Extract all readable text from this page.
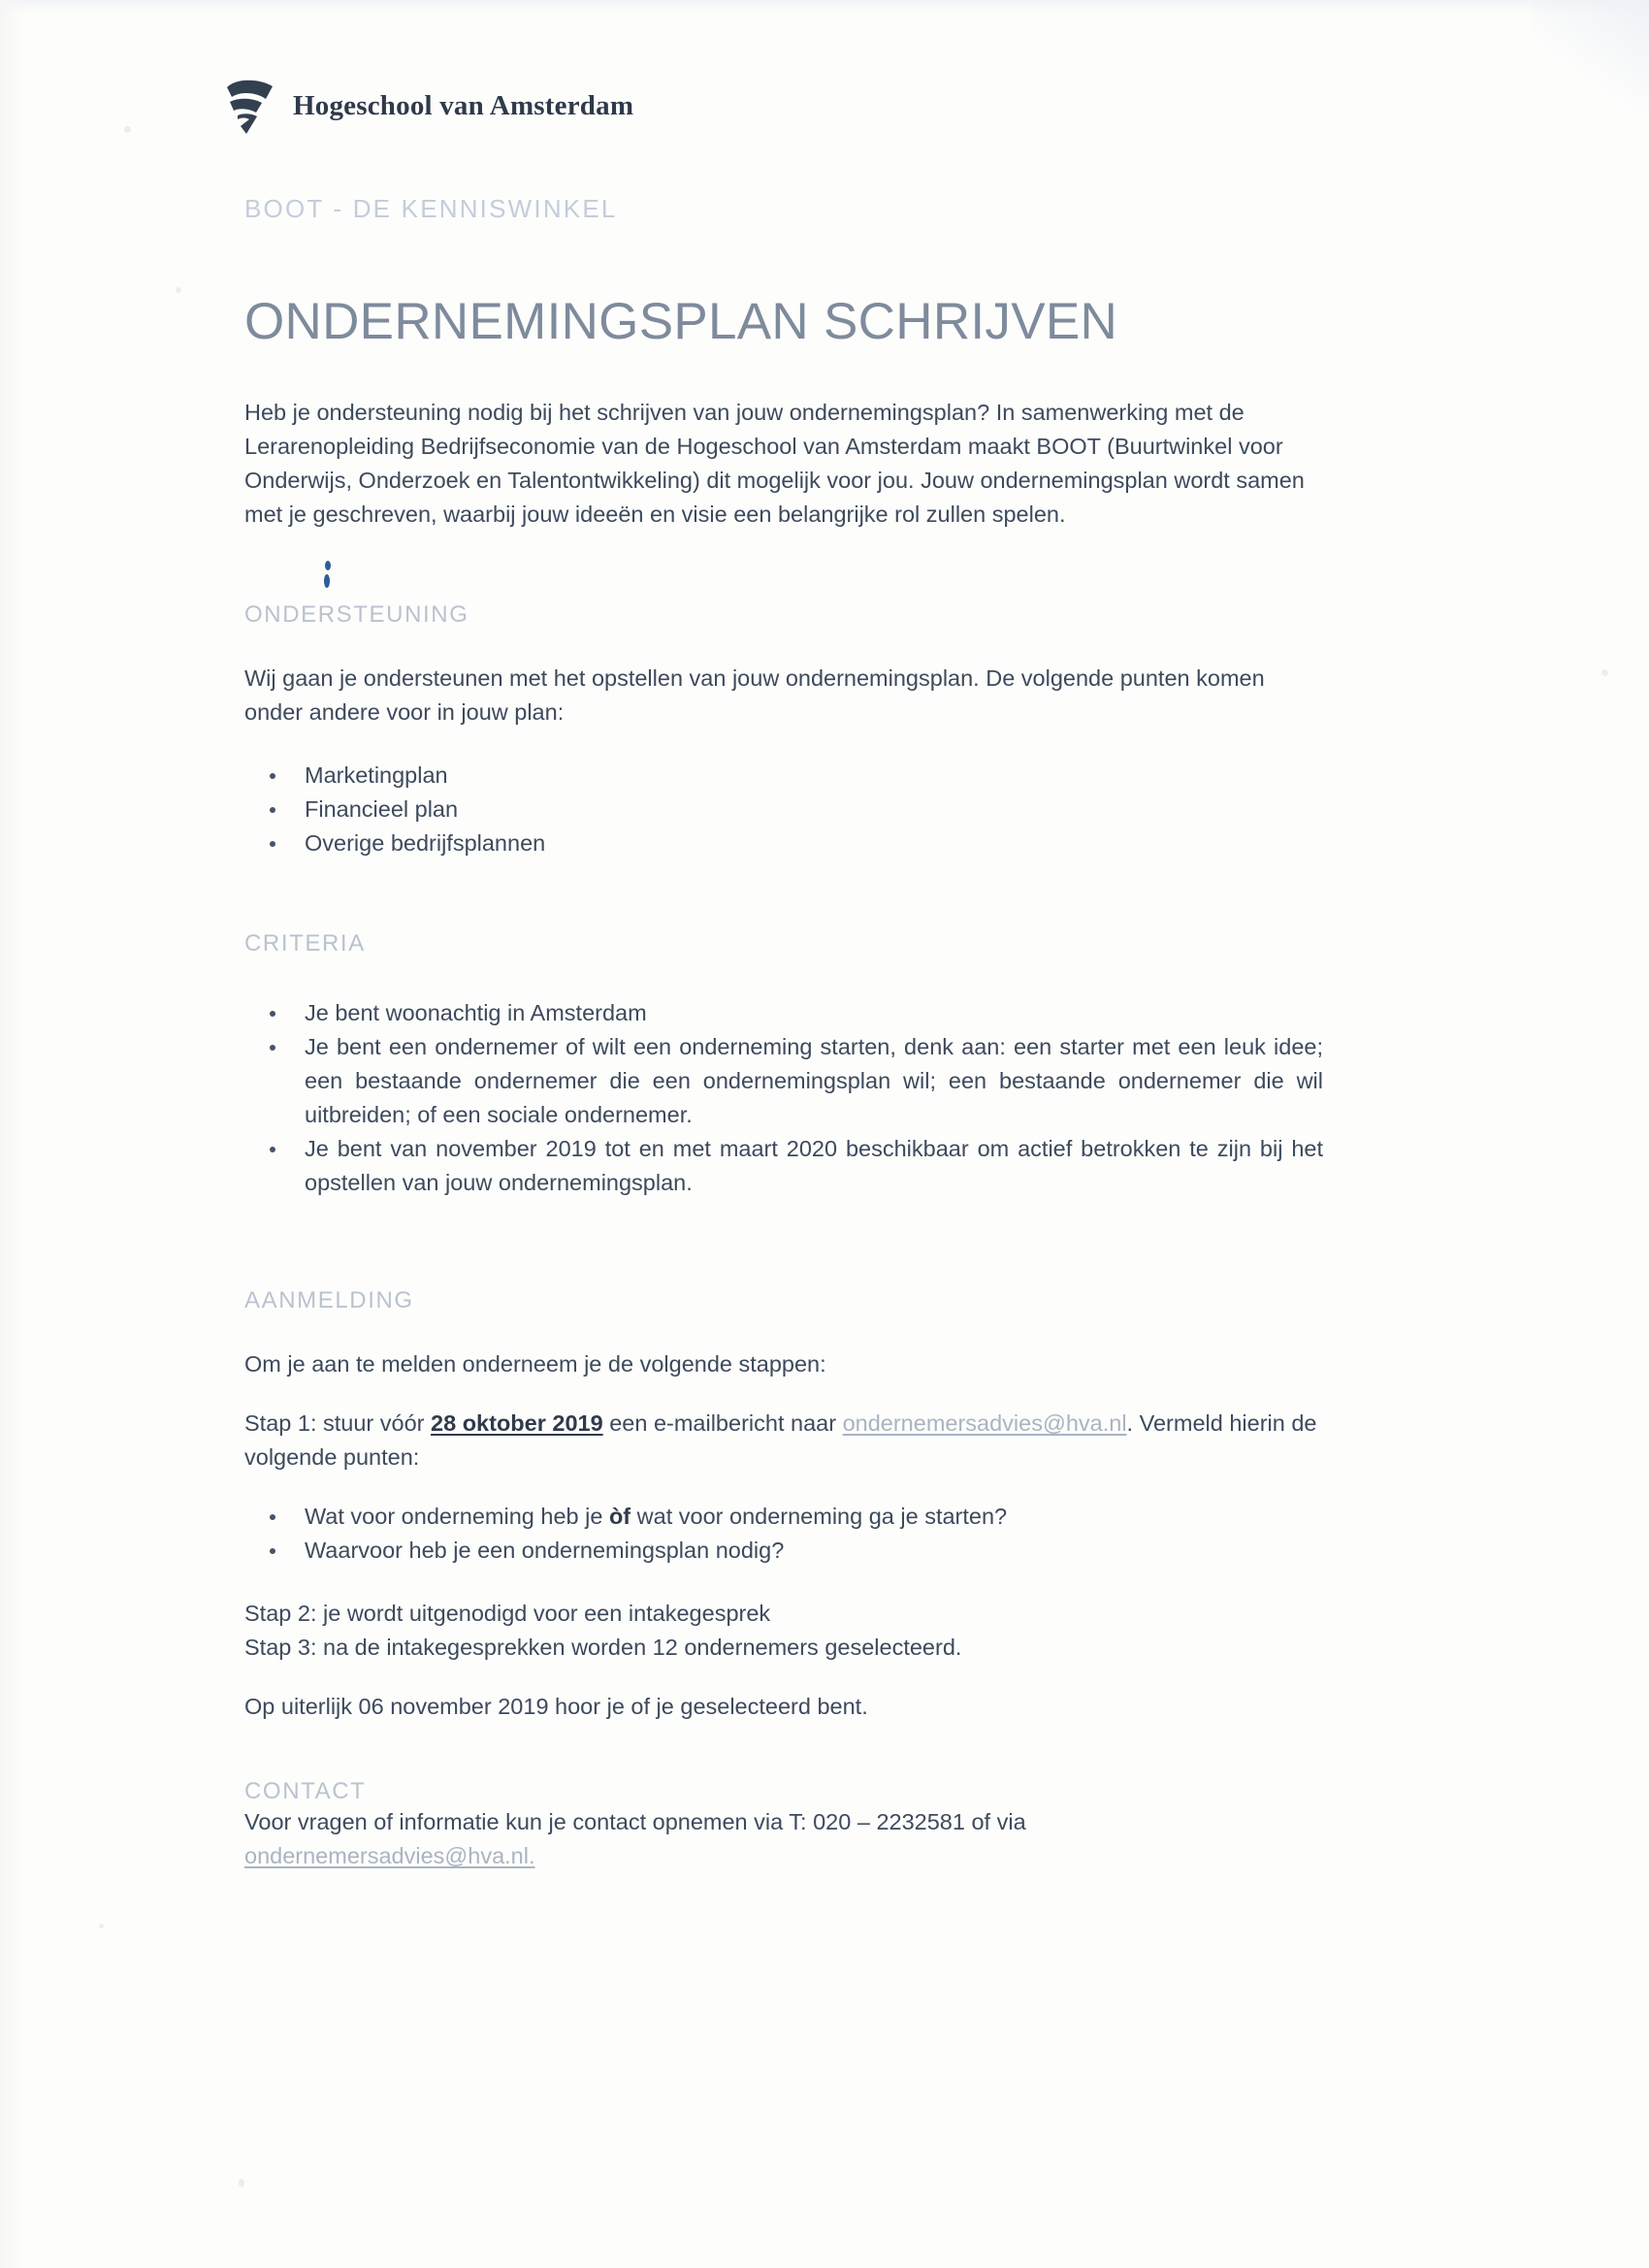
Hogeschool van Amsterdam

BOOT - DE KENNISWINKEL

ONDERNEMINGSPLAN SCHRIJVEN

Heb je ondersteuning nodig bij het schrijven van jouw ondernemingsplan? In samenwerking met de Lerarenopleiding Bedrijfseconomie van de Hogeschool van Amsterdam maakt BOOT (Buurtwinkel voor Onderwijs, Onderzoek en Talentontwikkeling) dit mogelijk voor jou. Jouw ondernemingsplan wordt samen met je geschreven, waarbij jouw ideeën en visie een belangrijke rol zullen spelen.

ONDERSTEUNING

Wij gaan je ondersteunen met het opstellen van jouw ondernemingsplan. De volgende punten komen onder andere voor in jouw plan:

Marketingplan
Financieel plan
Overige bedrijfsplannen
CRITERIA
Je bent woonachtig in Amsterdam
Je bent een ondernemer of wilt een onderneming starten, denk aan: een starter met een leuk idee; een bestaande ondernemer die een ondernemingsplan wil; een bestaande ondernemer die wil uitbreiden; of een sociale ondernemer.
Je bent van november 2019 tot en met maart 2020 beschikbaar om actief betrokken te zijn bij het opstellen van jouw ondernemingsplan.
AANMELDING

Om je aan te melden onderneem je de volgende stappen:

Stap 1: stuur vóór 28 oktober 2019 een e-mailbericht naar ondernemersadvies@hva.nl. Vermeld hierin de volgende punten:

Wat voor onderneming heb je òf wat voor onderneming ga je starten?
Waarvoor heb je een ondernemingsplan nodig?

Stap 2: je wordt uitgenodigd voor een intakegesprek

Stap 3: na de intakegesprekken worden 12 ondernemers geselecteerd.

Op uiterlijk 06 november 2019 hoor je of je geselecteerd bent.

CONTACT

Voor vragen of informatie kun je contact opnemen via T: 020 – 2232581 of via

ondernemersadvies@hva.nl.
